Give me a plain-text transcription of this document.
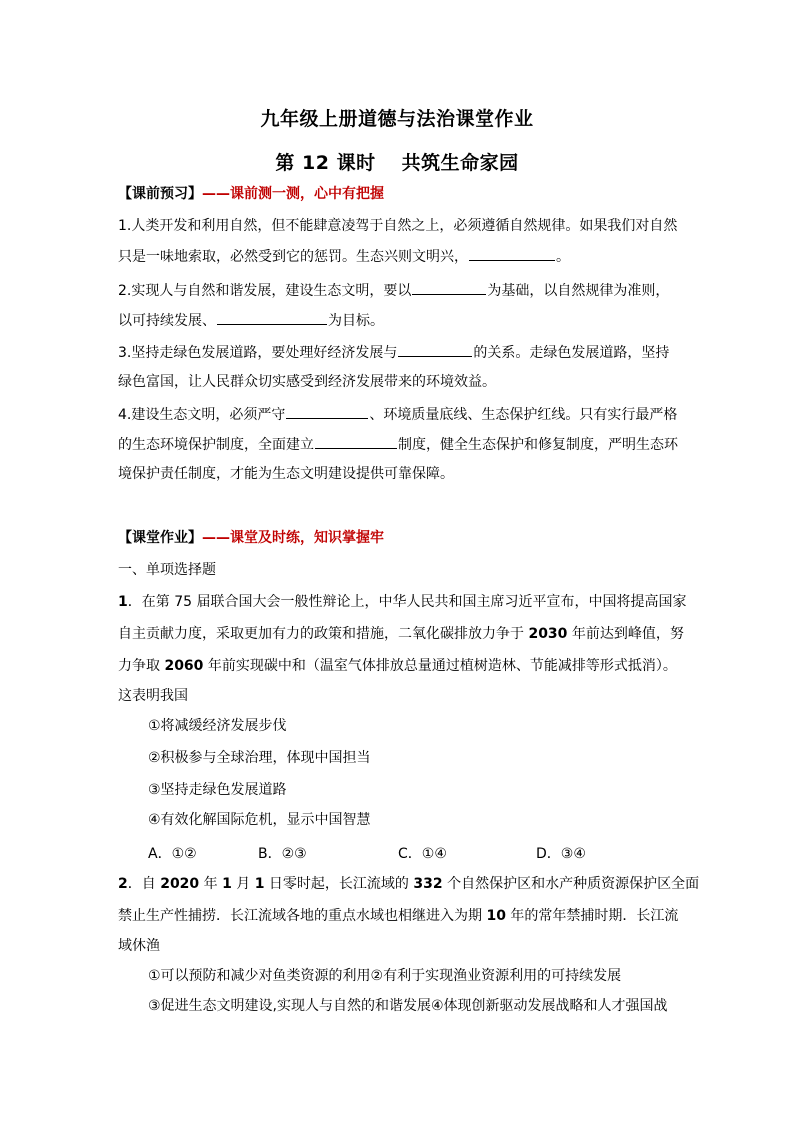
九年级上册道德与法治课堂作业
第 12 课时 共筑生命家园
【课前预习】——课前测一测，心中有把握
1.人类开发和利用自然，但不能肆意凌驾于自然之上，必须遵循自然规律。如果我们对自然
只是一味地索取，必然受到它的惩罚。生态兴则文明兴，	。
2.实现人与自然和谐发展，建设生态文明，要以	为基础，以自然规律为准则，
以可持续发展、	为目标。
3.坚持走绿色发展道路，要处理好经济发展与	的关系。走绿色发展道路，坚持
绿色富国，让人民群众切实感受到经济发展带来的环境效益。
4.建设生态文明，必须严守	、环境质量底线、生态保护红线。只有实行最严格
的生态环境保护制度，全面建立	制度，健全生态保护和修复制度，严明生态环
境保护责任制度，才能为生态文明建设提供可靠保障。
【课堂作业】——课堂及时练，知识掌握牢
一、单项选择题
1．在第 75 届联合国大会一般性辩论上，中华人民共和国主席习近平宣布，中国将提高国家
自主贡献力度，采取更加有力的政策和措施，二氧化碳排放力争于 2030 年前达到峰值，努
力争取 2060 年前实现碳中和（温室气体排放总量通过植树造林、节能减排等形式抵消）。
这表明我国
①将减缓经济发展步伐
②积极参与全球治理，体现中国担当
③坚持走绿色发展道路
④有效化解国际危机，显示中国智慧
A．①②	B．②③	C．①④	D．③④
2．自 2020 年 1 月 1 日零时起，长江流域的 332 个自然保护区和水产种质资源保护区全面
禁止生产性捕捞．长江流域各地的重点水域也相继进入为期 10 年的常年禁捕时期．长江流
域休渔
①可以预防和减少对鱼类资源的利用②有利于实现渔业资源利用的可持续发展
③促进生态文明建设,实现人与自然的和谐发展④体现创新驱动发展战略和人才强国战
